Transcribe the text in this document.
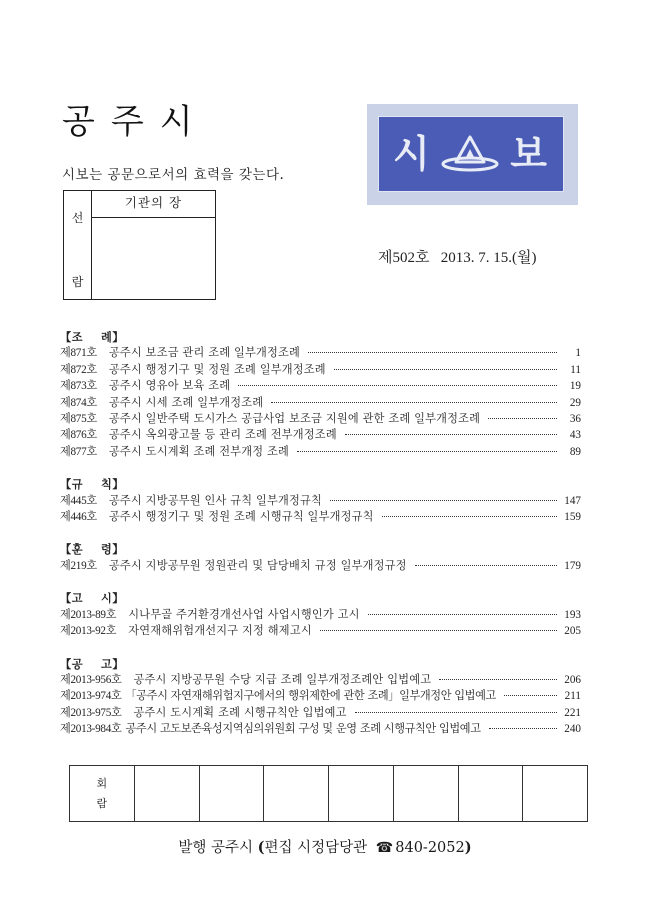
공주시
시 보
시보는 공문으로서의 효력을 갖는다.
선
람
기관의 장
제502호 2013. 7. 15.(월)
【조 례】
제871호 공주시 보조금 관리 조례 일부개정조례	1
제872호 공주시 행정기구 및 정원 조례 일부개정조례	11
제873호 공주시 영유아 보육 조례	19
제874호 공주시 시세 조례 일부개정조례	29
제875호 공주시 일반주택 도시가스 공급사업 보조금 지원에 관한 조례 일부개정조례	36
제876호 공주시 옥외광고물 등 관리 조례 전부개정조례	43
제877호 공주시 도시계획 조례 전부개정 조례	89
【규 칙】
제445호 공주시 지방공무원 인사 규칙 일부개정규칙	147
제446호 공주시 행정기구 및 정원 조례 시행규칙 일부개정규칙	159
【훈 령】
제219호 공주시 지방공무원 정원관리 및 담당배치 규정 일부개정규정	179
【고 시】
제2013-89호 시나무골 주거환경개선사업 사업시행인가 고시	193
제2013-92호 자연재해위험개선지구 지정 해제고시	205
【공 고】
제2013-956호 공주시 지방공무원 수당 지급 조례 일부개정조례안 입법예고	206
제2013-974호 「공주시 자연재해위험지구에서의 행위제한에 관한 조례」일부개정안 입법예고	211
제2013-975호 공주시 도시계획 조례 시행규칙안 입법예고	221
제2013-984호 공주시 고도보존육성지역심의위원회 구성 및 운영 조례 시행규칙안 입법예고	240
회
람
발행 공주시 (편집 시정담당관 ☎ 840-2052)
